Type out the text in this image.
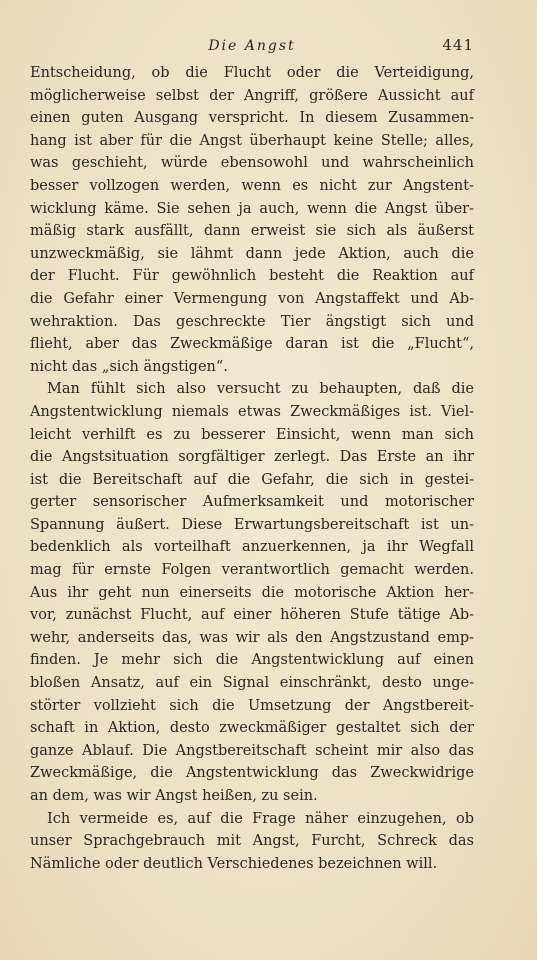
Die Angst	441
Entscheidung, ob die Flucht oder die Verteidigung,
möglicherweise selbst der Angriff, größere Aussicht auf
einen guten Ausgang verspricht. In diesem Zusammen-
hang ist aber für die Angst überhaupt keine Stelle; alles,
was geschieht, würde ebensowohl und wahrscheinlich
besser vollzogen werden, wenn es nicht zur Angstent-
wicklung käme. Sie sehen ja auch, wenn die Angst über-
mäßig stark ausfällt, dann erweist sie sich als äußerst
unzweckmäßig, sie lähmt dann jede Aktion, auch die
der Flucht. Für gewöhnlich besteht die Reaktion auf
die Gefahr einer Vermengung von Angstaffekt und Ab-
wehraktion. Das geschreckte Tier ängstigt sich und
flieht, aber das Zweckmäßige daran ist die „Flucht“,
nicht das „sich ängstigen“.
Man fühlt sich also versucht zu behaupten, daß die
Angstentwicklung niemals etwas Zweckmäßiges ist. Viel-
leicht verhilft es zu besserer Einsicht, wenn man sich
die Angstsituation sorgfältiger zerlegt. Das Erste an ihr
ist die Bereitschaft auf die Gefahr, die sich in gestei-
gerter sensorischer Aufmerksamkeit und motorischer
Spannung äußert. Diese Erwartungsbereitschaft ist un-
bedenklich als vorteilhaft anzuerkennen, ja ihr Wegfall
mag für ernste Folgen verantwortlich gemacht werden.
Aus ihr geht nun einerseits die motorische Aktion her-
vor, zunächst Flucht, auf einer höheren Stufe tätige Ab-
wehr, anderseits das, was wir als den Angstzustand emp-
finden. Je mehr sich die Angstentwicklung auf einen
bloßen Ansatz, auf ein Signal einschränkt, desto unge-
störter vollzieht sich die Umsetzung der Angstbereit-
schaft in Aktion, desto zweckmäßiger gestaltet sich der
ganze Ablauf. Die Angstbereitschaft scheint mir also das
Zweckmäßige, die Angstentwicklung das Zweckwidrige
an dem, was wir Angst heißen, zu sein.
Ich vermeide es, auf die Frage näher einzugehen, ob
unser Sprachgebrauch mit Angst, Furcht, Schreck das
Nämliche oder deutlich Verschiedenes bezeichnen will.
